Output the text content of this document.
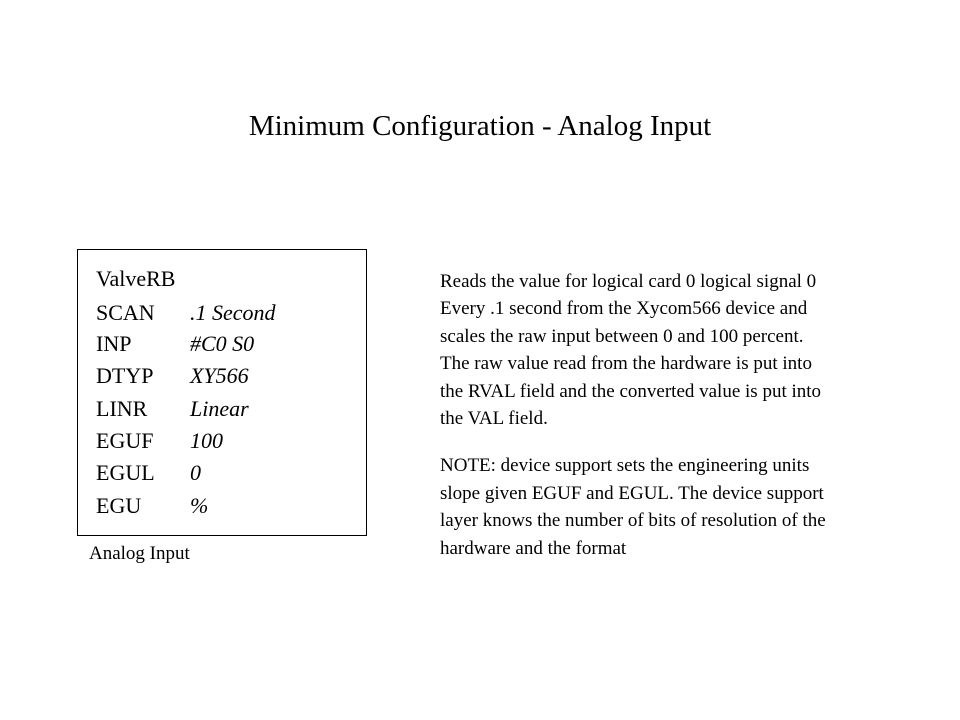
Minimum Configuration - Analog Input
ValveRB
SCAN .1 Second
INP	#C0 S0
DTYP XY566
LINR Linear
EGUF 100
EGUL 0
EGU %
Analog Input
Reads the value for logical card 0 logical signal 0
Every .1 second from the Xycom566 device and
scales the raw input between 0 and 100 percent.
The raw value read from the hardware is put into
the RVAL field and the converted value is put into
the VAL field.
NOTE: device support sets the engineering units
slope given EGUF and EGUL. The device support
layer knows the number of bits of resolution of the
hardware and the format
